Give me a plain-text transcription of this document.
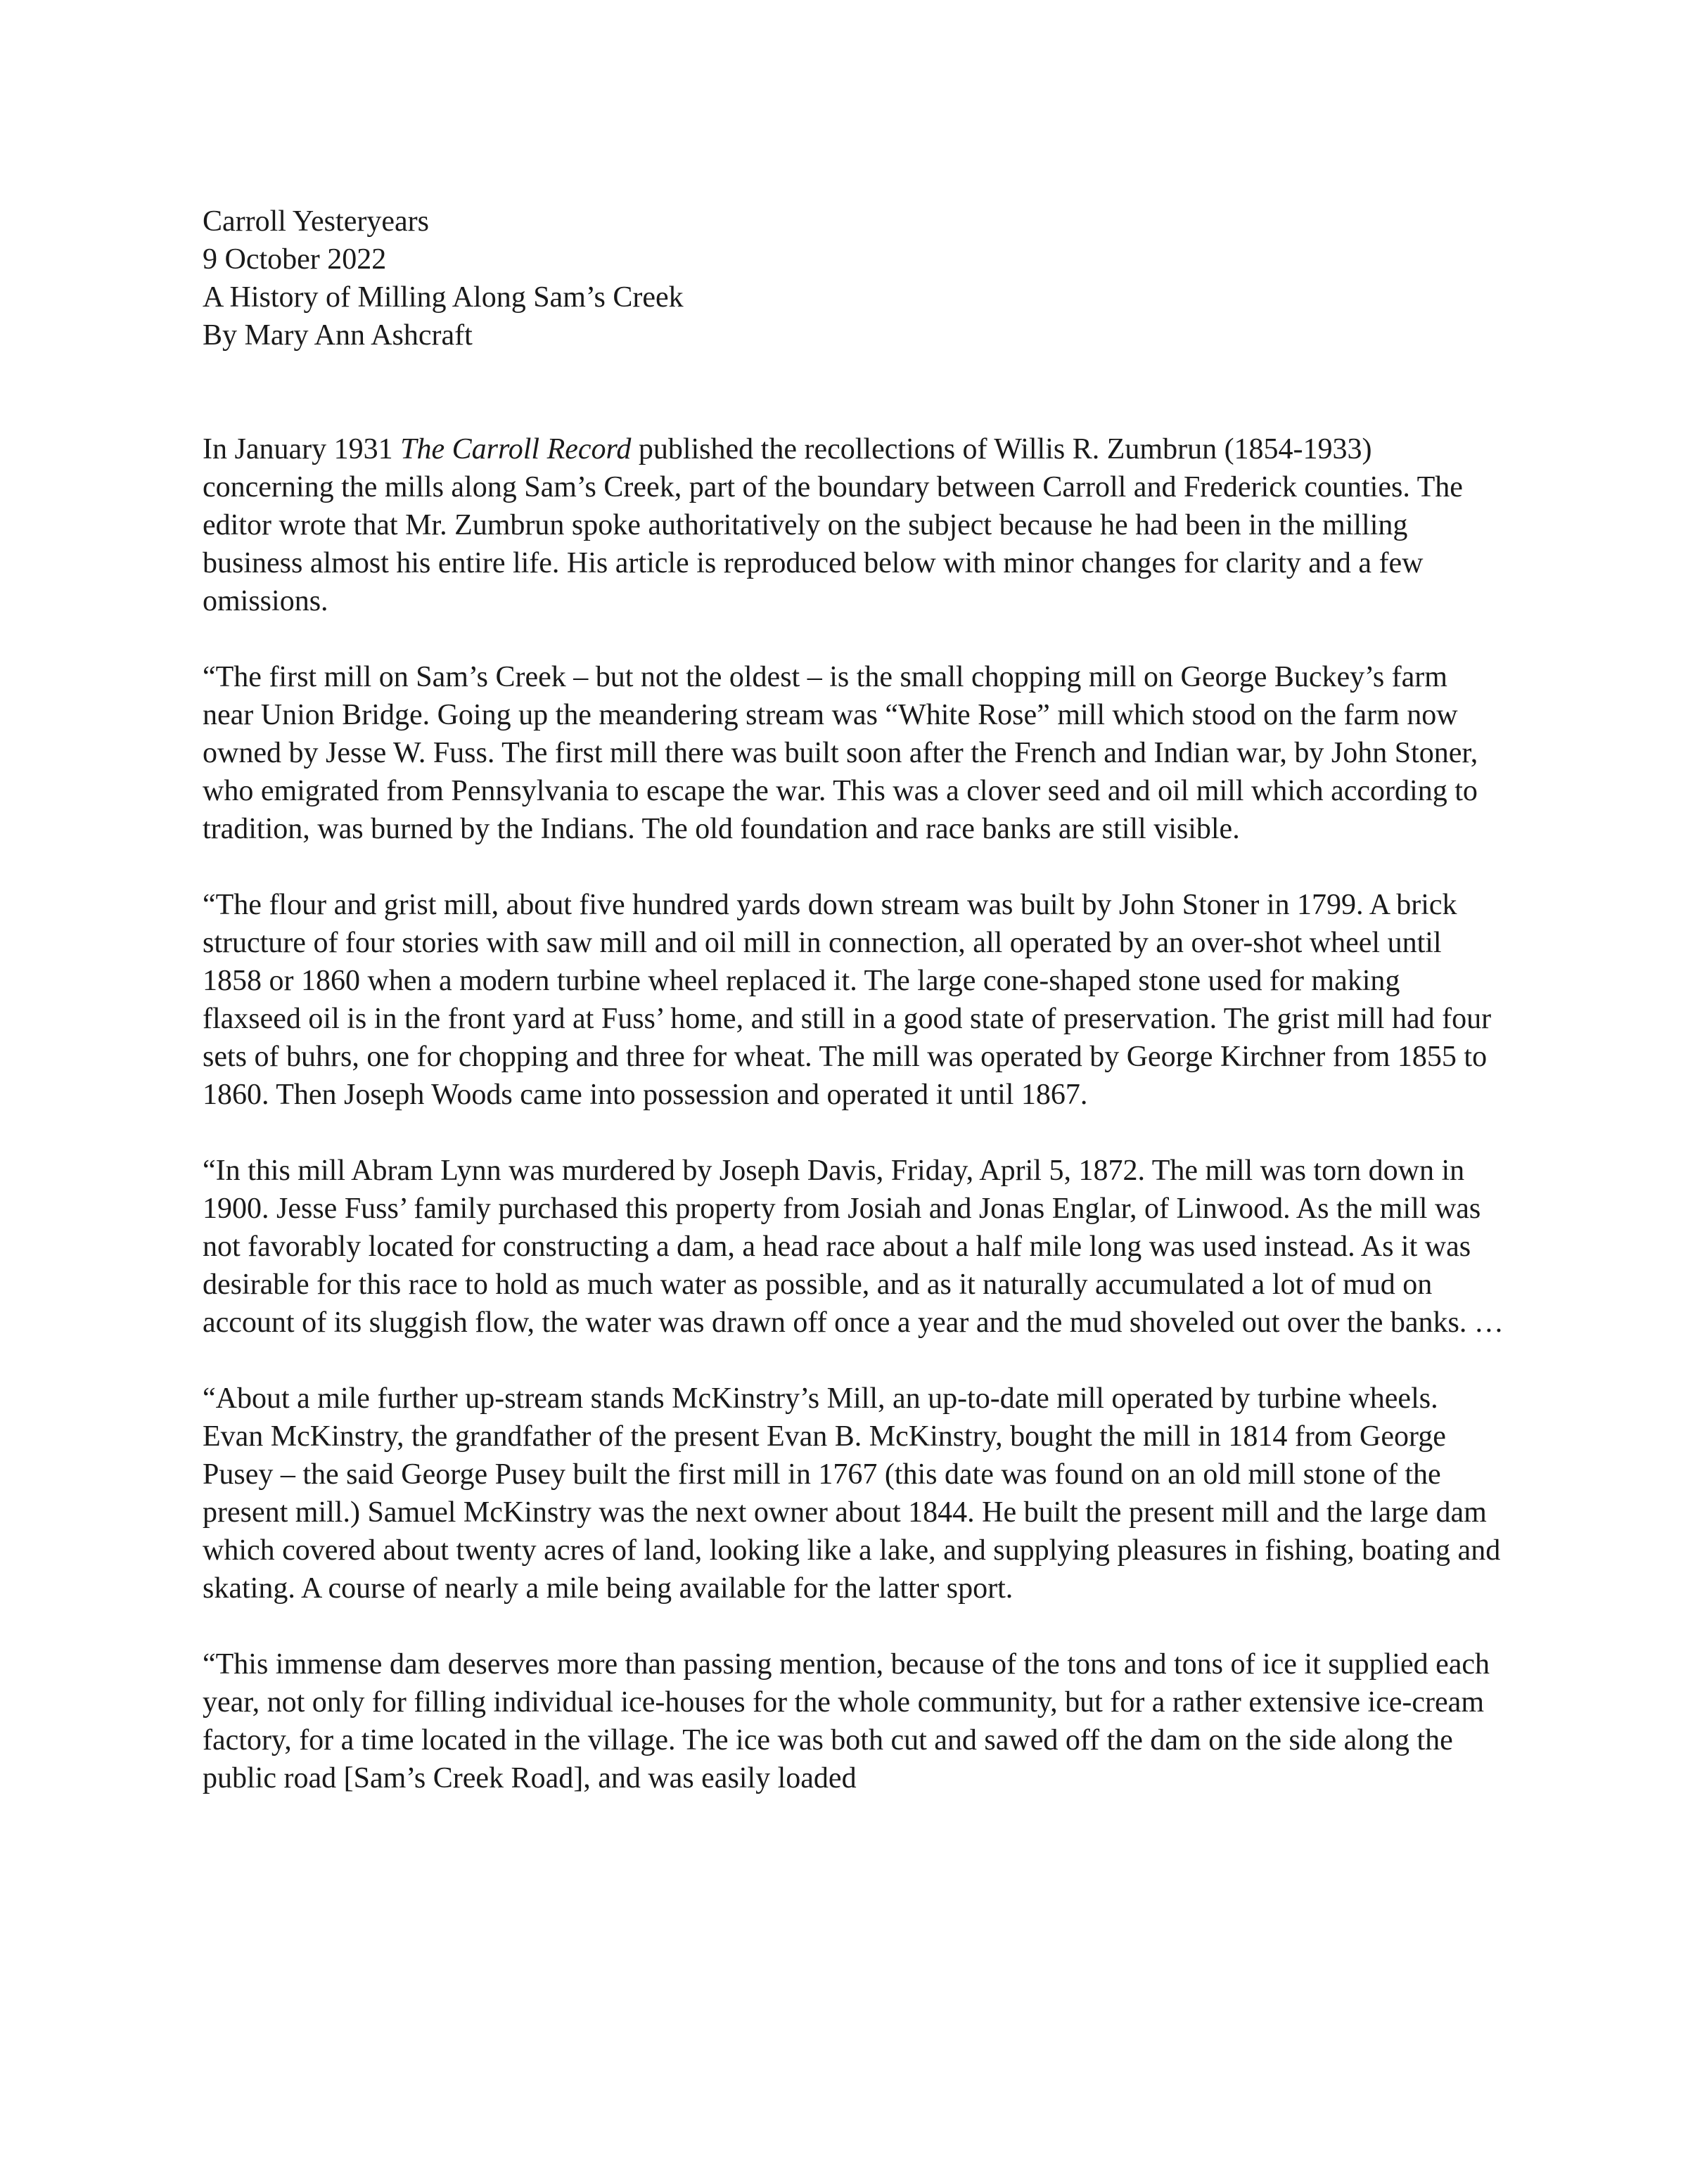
Carroll Yesteryears
9 October 2022
A History of Milling Along Sam’s Creek
By Mary Ann Ashcraft

In January 1931 The Carroll Record published the recollections of Willis R. Zumbrun (1854-1933) concerning the mills along Sam’s Creek, part of the boundary between Carroll and Frederick counties. The editor wrote that Mr. Zumbrun spoke authoritatively on the subject because he had been in the milling business almost his entire life. His article is reproduced below with minor changes for clarity and a few omissions.

“The first mill on Sam’s Creek – but not the oldest – is the small chopping mill on George Buckey’s farm near Union Bridge. Going up the meandering stream was “White Rose” mill which stood on the farm now owned by Jesse W. Fuss. The first mill there was built soon after the French and Indian war, by John Stoner, who emigrated from Pennsylvania to escape the war. This was a clover seed and oil mill which according to tradition, was burned by the Indians. The old foundation and race banks are still visible.

“The flour and grist mill, about five hundred yards down stream was built by John Stoner in 1799. A brick structure of four stories with saw mill and oil mill in connection, all operated by an over-shot wheel until 1858 or 1860 when a modern turbine wheel replaced it. The large cone-shaped stone used for making flaxseed oil is in the front yard at Fuss’ home, and still in a good state of preservation. The grist mill had four sets of buhrs, one for chopping and three for wheat. The mill was operated by George Kirchner from 1855 to 1860. Then Joseph Woods came into possession and operated it until 1867.

“In this mill Abram Lynn was murdered by Joseph Davis, Friday, April 5, 1872. The mill was torn down in 1900. Jesse Fuss’ family purchased this property from Josiah and Jonas Englar, of Linwood. As the mill was not favorably located for constructing a dam, a head race about a half mile long was used instead. As it was desirable for this race to hold as much water as possible, and as it naturally accumulated a lot of mud on account of its sluggish flow, the water was drawn off once a year and the mud shoveled out over the banks. …

“About a mile further up-stream stands McKinstry’s Mill, an up-to-date mill operated by turbine wheels. Evan McKinstry, the grandfather of the present Evan B. McKinstry, bought the mill in 1814 from George Pusey – the said George Pusey built the first mill in 1767 (this date was found on an old mill stone of the present mill.) Samuel McKinstry was the next owner about 1844. He built the present mill and the large dam which covered about twenty acres of land, looking like a lake, and supplying pleasures in fishing, boating and skating. A course of nearly a mile being available for the latter sport.

“This immense dam deserves more than passing mention, because of the tons and tons of ice it supplied each year, not only for filling individual ice-houses for the whole community, but for a rather extensive ice-cream factory, for a time located in the village. The ice was both cut and sawed off the dam on the side along the public road [Sam’s Creek Road], and was easily loaded
